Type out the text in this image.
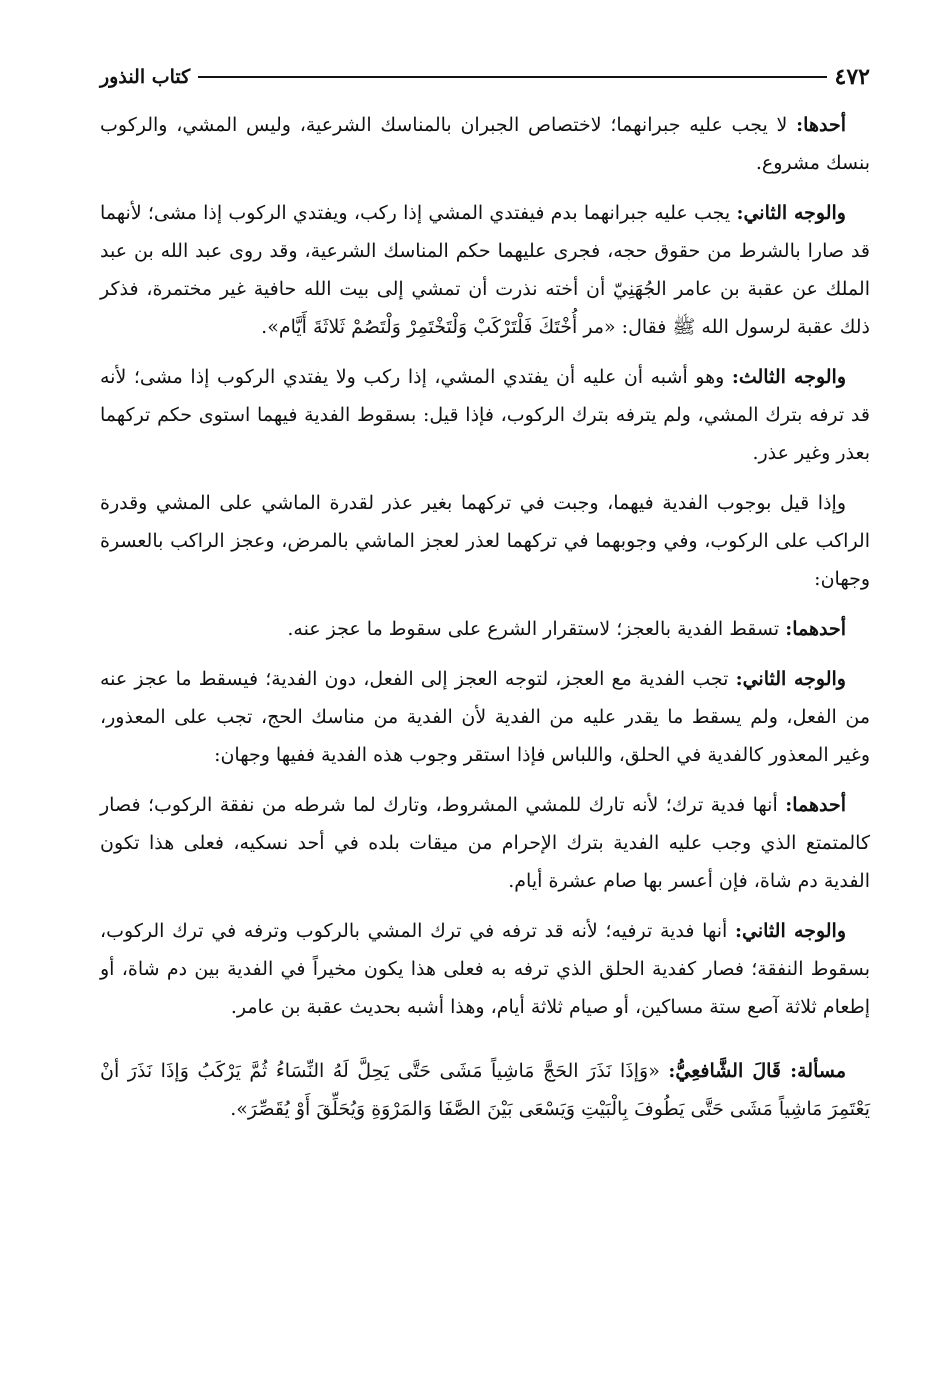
٤٧٢
كتاب النذور

أحدها: لا يجب عليه جبرانهما؛ لاختصاص الجبران بالمناسك الشرعية، وليس المشي، والركوب بنسك مشروع.

والوجه الثاني: يجب عليه جبرانهما بدم فيفتدي المشي إذا ركب، ويفتدي الركوب إذا مشى؛ لأنهما قد صارا بالشرط من حقوق حجه، فجرى عليهما حكم المناسك الشرعية، وقد روى عبد الله بن عبد الملك عن عقبة بن عامر الجُهَنِيّ أن أخته نذرت أن تمشي إلى بيت الله حافية غير مختمرة، فذكر ذلك عقبة لرسول الله ﷺ فقال: «مر أُخْتَكَ فَلْتَرْكَبْ وَلْتَخْتَمِرْ وَلْتَصُمْ ثَلاثَةَ أَيَّام».

والوجه الثالث: وهو أشبه أن عليه أن يفتدي المشي، إذا ركب ولا يفتدي الركوب إذا مشى؛ لأنه قد ترفه بترك المشي، ولم يترفه بترك الركوب، فإذا قيل: بسقوط الفدية فيهما استوى حكم تركهما بعذر وغير عذر.

وإذا قيل بوجوب الفدية فيهما، وجبت في تركهما بغير عذر لقدرة الماشي على المشي وقدرة الراكب على الركوب، وفي وجوبهما في تركهما لعذر لعجز الماشي بالمرض، وعجز الراكب بالعسرة وجهان:

أحدهما: تسقط الفدية بالعجز؛ لاستقرار الشرع على سقوط ما عجز عنه.

والوجه الثاني: تجب الفدية مع العجز، لتوجه العجز إلى الفعل، دون الفدية؛ فيسقط ما عجز عنه من الفعل، ولم يسقط ما يقدر عليه من الفدية لأن الفدية من مناسك الحج، تجب على المعذور، وغير المعذور كالفدية في الحلق، واللباس فإذا استقر وجوب هذه الفدية ففيها وجهان:

أحدهما: أنها فدية ترك؛ لأنه تارك للمشي المشروط، وتارك لما شرطه من نفقة الركوب؛ فصار كالمتمتع الذي وجب عليه الفدية بترك الإحرام من ميقات بلده في أحد نسكيه، فعلى هذا تكون الفدية دم شاة، فإن أعسر بها صام عشرة أيام.

والوجه الثاني: أنها فدية ترفيه؛ لأنه قد ترفه في ترك المشي بالركوب وترفه في ترك الركوب، بسقوط النفقة؛ فصار كفدية الحلق الذي ترفه به فعلى هذا يكون مخيراً في الفدية بين دم شاة، أو إطعام ثلاثة آصع ستة مساكين، أو صيام ثلاثة أيام، وهذا أشبه بحديث عقبة بن عامر.

مسألة: قَالَ الشَّافعِيُّ: «وَإذَا نَذَرَ الحَجَّ مَاشِياً مَشَى حَتَّى يَحِلَّ لَهُ النِّسَاءُ ثُمَّ يَرْكَبُ وَإذَا نَذَرَ أنْ يَعْتَمِرَ مَاشِياً مَشَى حَتَّى يَطُوفَ بِالْبَيْتِ وَيَسْعَى بَيْنَ الصَّفَا وَالمَرْوَةِ وَيُحَلِّقَ أَوْ يُقَصِّرَ».
